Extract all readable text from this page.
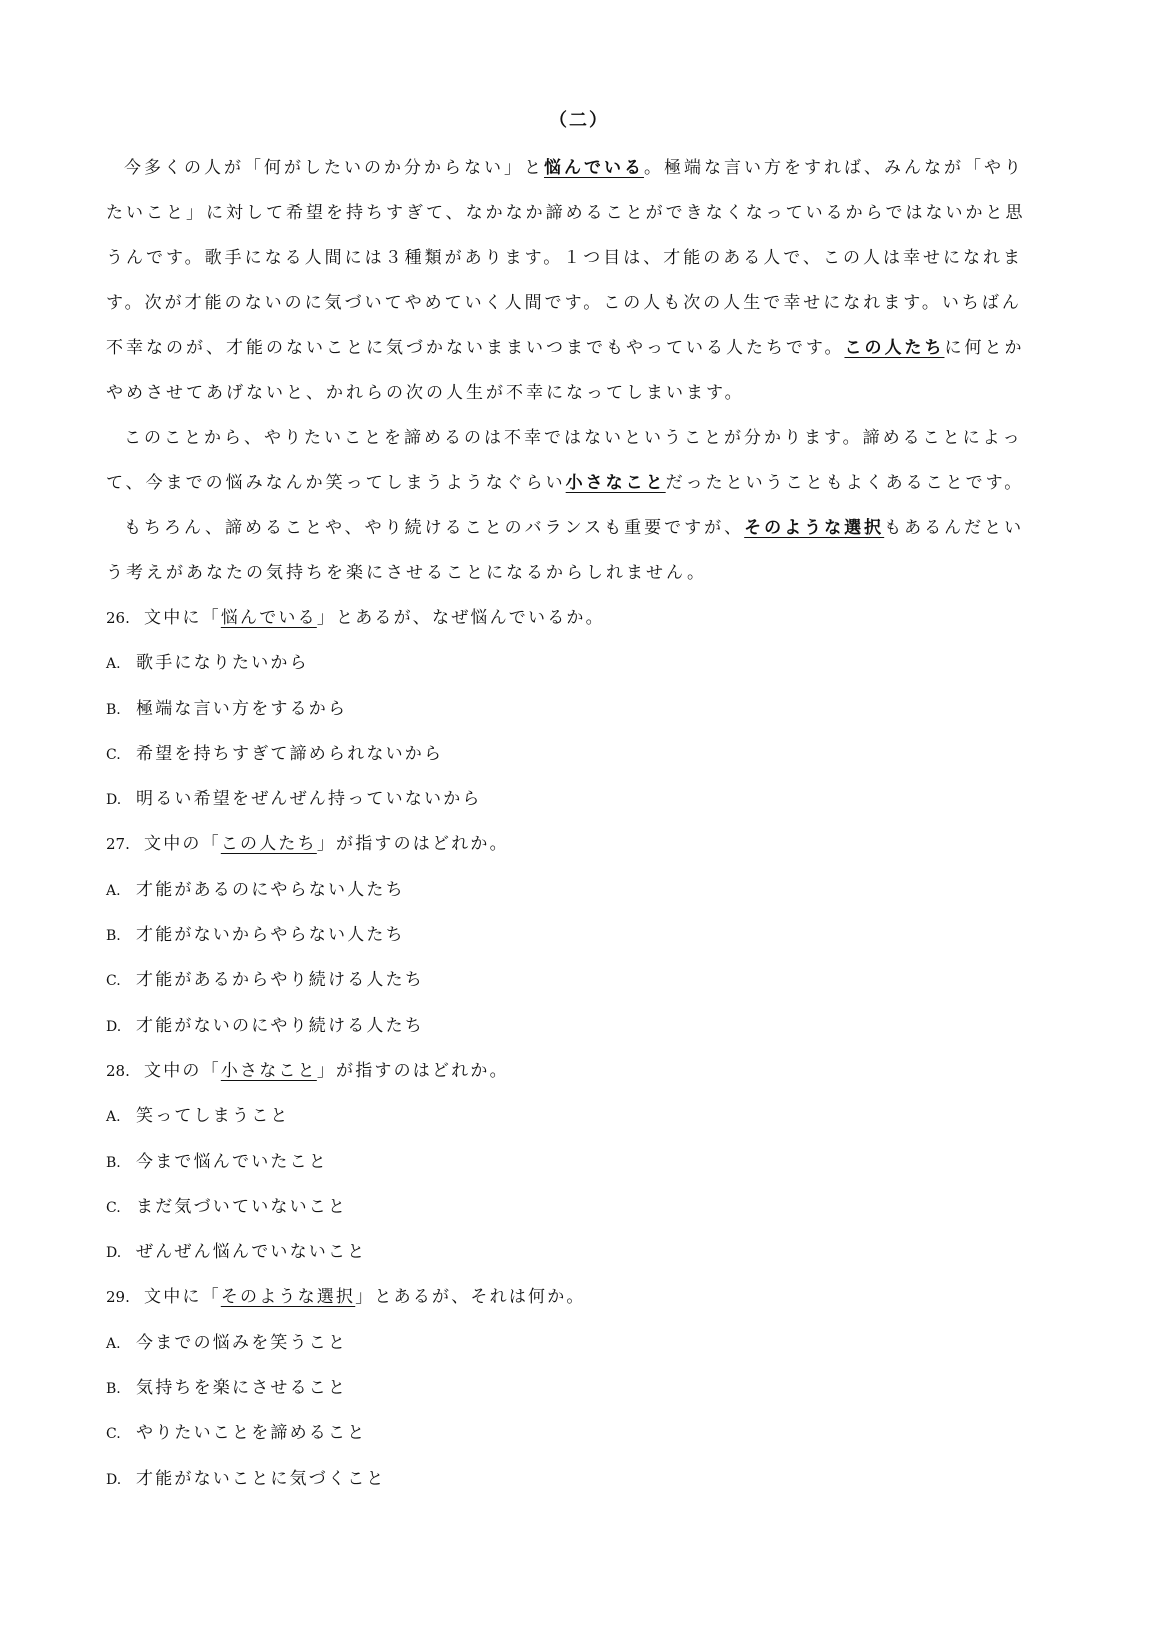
（二）
今多くの人が「何がしたいのか分からない」と悩んでいる。極端な言い方をすれば、みんなが「やり
たいこと」に対して希望を持ちすぎて、なかなか諦めることができなくなっているからではないかと思
うんです。歌手になる人間には３種類があります。１つ目は、才能のある人で、この人は幸せになれま
す。次が才能のないのに気づいてやめていく人間です。この人も次の人生で幸せになれます。いちばん
不幸なのが、才能のないことに気づかないままいつまでもやっている人たちです。この人たちに何とか
やめさせてあげないと、かれらの次の人生が不幸になってしまいます。
このことから、やりたいことを諦めるのは不幸ではないということが分かります。諦めることによっ
て、今までの悩みなんか笑ってしまうようなぐらい小さなことだったということもよくあることです。
もちろん、諦めることや、やり続けることのバランスも重要ですが、そのような選択もあるんだとい
う考えがあなたの気持ちを楽にさせることになるからしれません。
26. 文中に「悩んでいる」とあるが、なぜ悩んでいるか。
A. 歌手になりたいから
B. 極端な言い方をするから
C. 希望を持ちすぎて諦められないから
D. 明るい希望をぜんぜん持っていないから
27. 文中の「この人たち」が指すのはどれか。
A. 才能があるのにやらない人たち
B. 才能がないからやらない人たち
C. 才能があるからやり続ける人たち
D. 才能がないのにやり続ける人たち
28. 文中の「小さなこと」が指すのはどれか。
A. 笑ってしまうこと
B. 今まで悩んでいたこと
C. まだ気づいていないこと
D. ぜんぜん悩んでいないこと
29. 文中に「そのような選択」とあるが、それは何か。
A. 今までの悩みを笑うこと
B. 気持ちを楽にさせること
C. やりたいことを諦めること
D. 才能がないことに気づくこと
